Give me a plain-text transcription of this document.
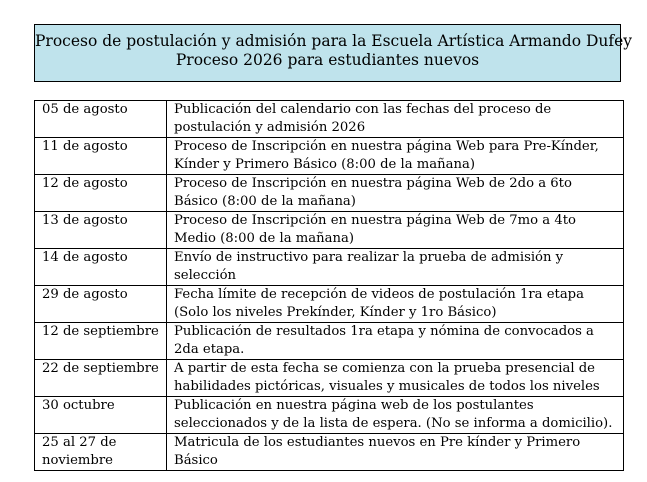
Proceso de postulación y admisión para la Escuela Artística Armando Dufey
Proceso 2026 para estudiantes nuevos
05 de agosto	Publicación del calendario con las fechas del proceso de postulación y admisión 2026
11 de agosto	Proceso de Inscripción en nuestra página Web para Pre-Kínder, Kínder y Primero Básico (8:00 de la mañana)
12 de agosto	Proceso de Inscripción en nuestra página Web de 2do a 6to Básico (8:00 de la mañana)
13 de agosto	Proceso de Inscripción en nuestra página Web de 7mo a 4to Medio (8:00 de la mañana)
14 de agosto	Envío de instructivo para realizar la prueba de admisión y selección
29 de agosto	Fecha límite de recepción de videos de postulación 1ra etapa (Solo los niveles Prekínder, Kínder y 1ro Básico)
12 de septiembre	Publicación de resultados 1ra etapa y nómina de convocados a 2da etapa.
22 de septiembre	A partir de esta fecha se comienza con la prueba presencial de habilidades pictóricas, visuales y musicales de todos los niveles
30 octubre	Publicación en nuestra página web de los postulantes seleccionados y de la lista de espera. (No se informa a domicilio).
25 al 27 de noviembre	Matricula de los estudiantes nuevos en Pre kínder y Primero Básico
